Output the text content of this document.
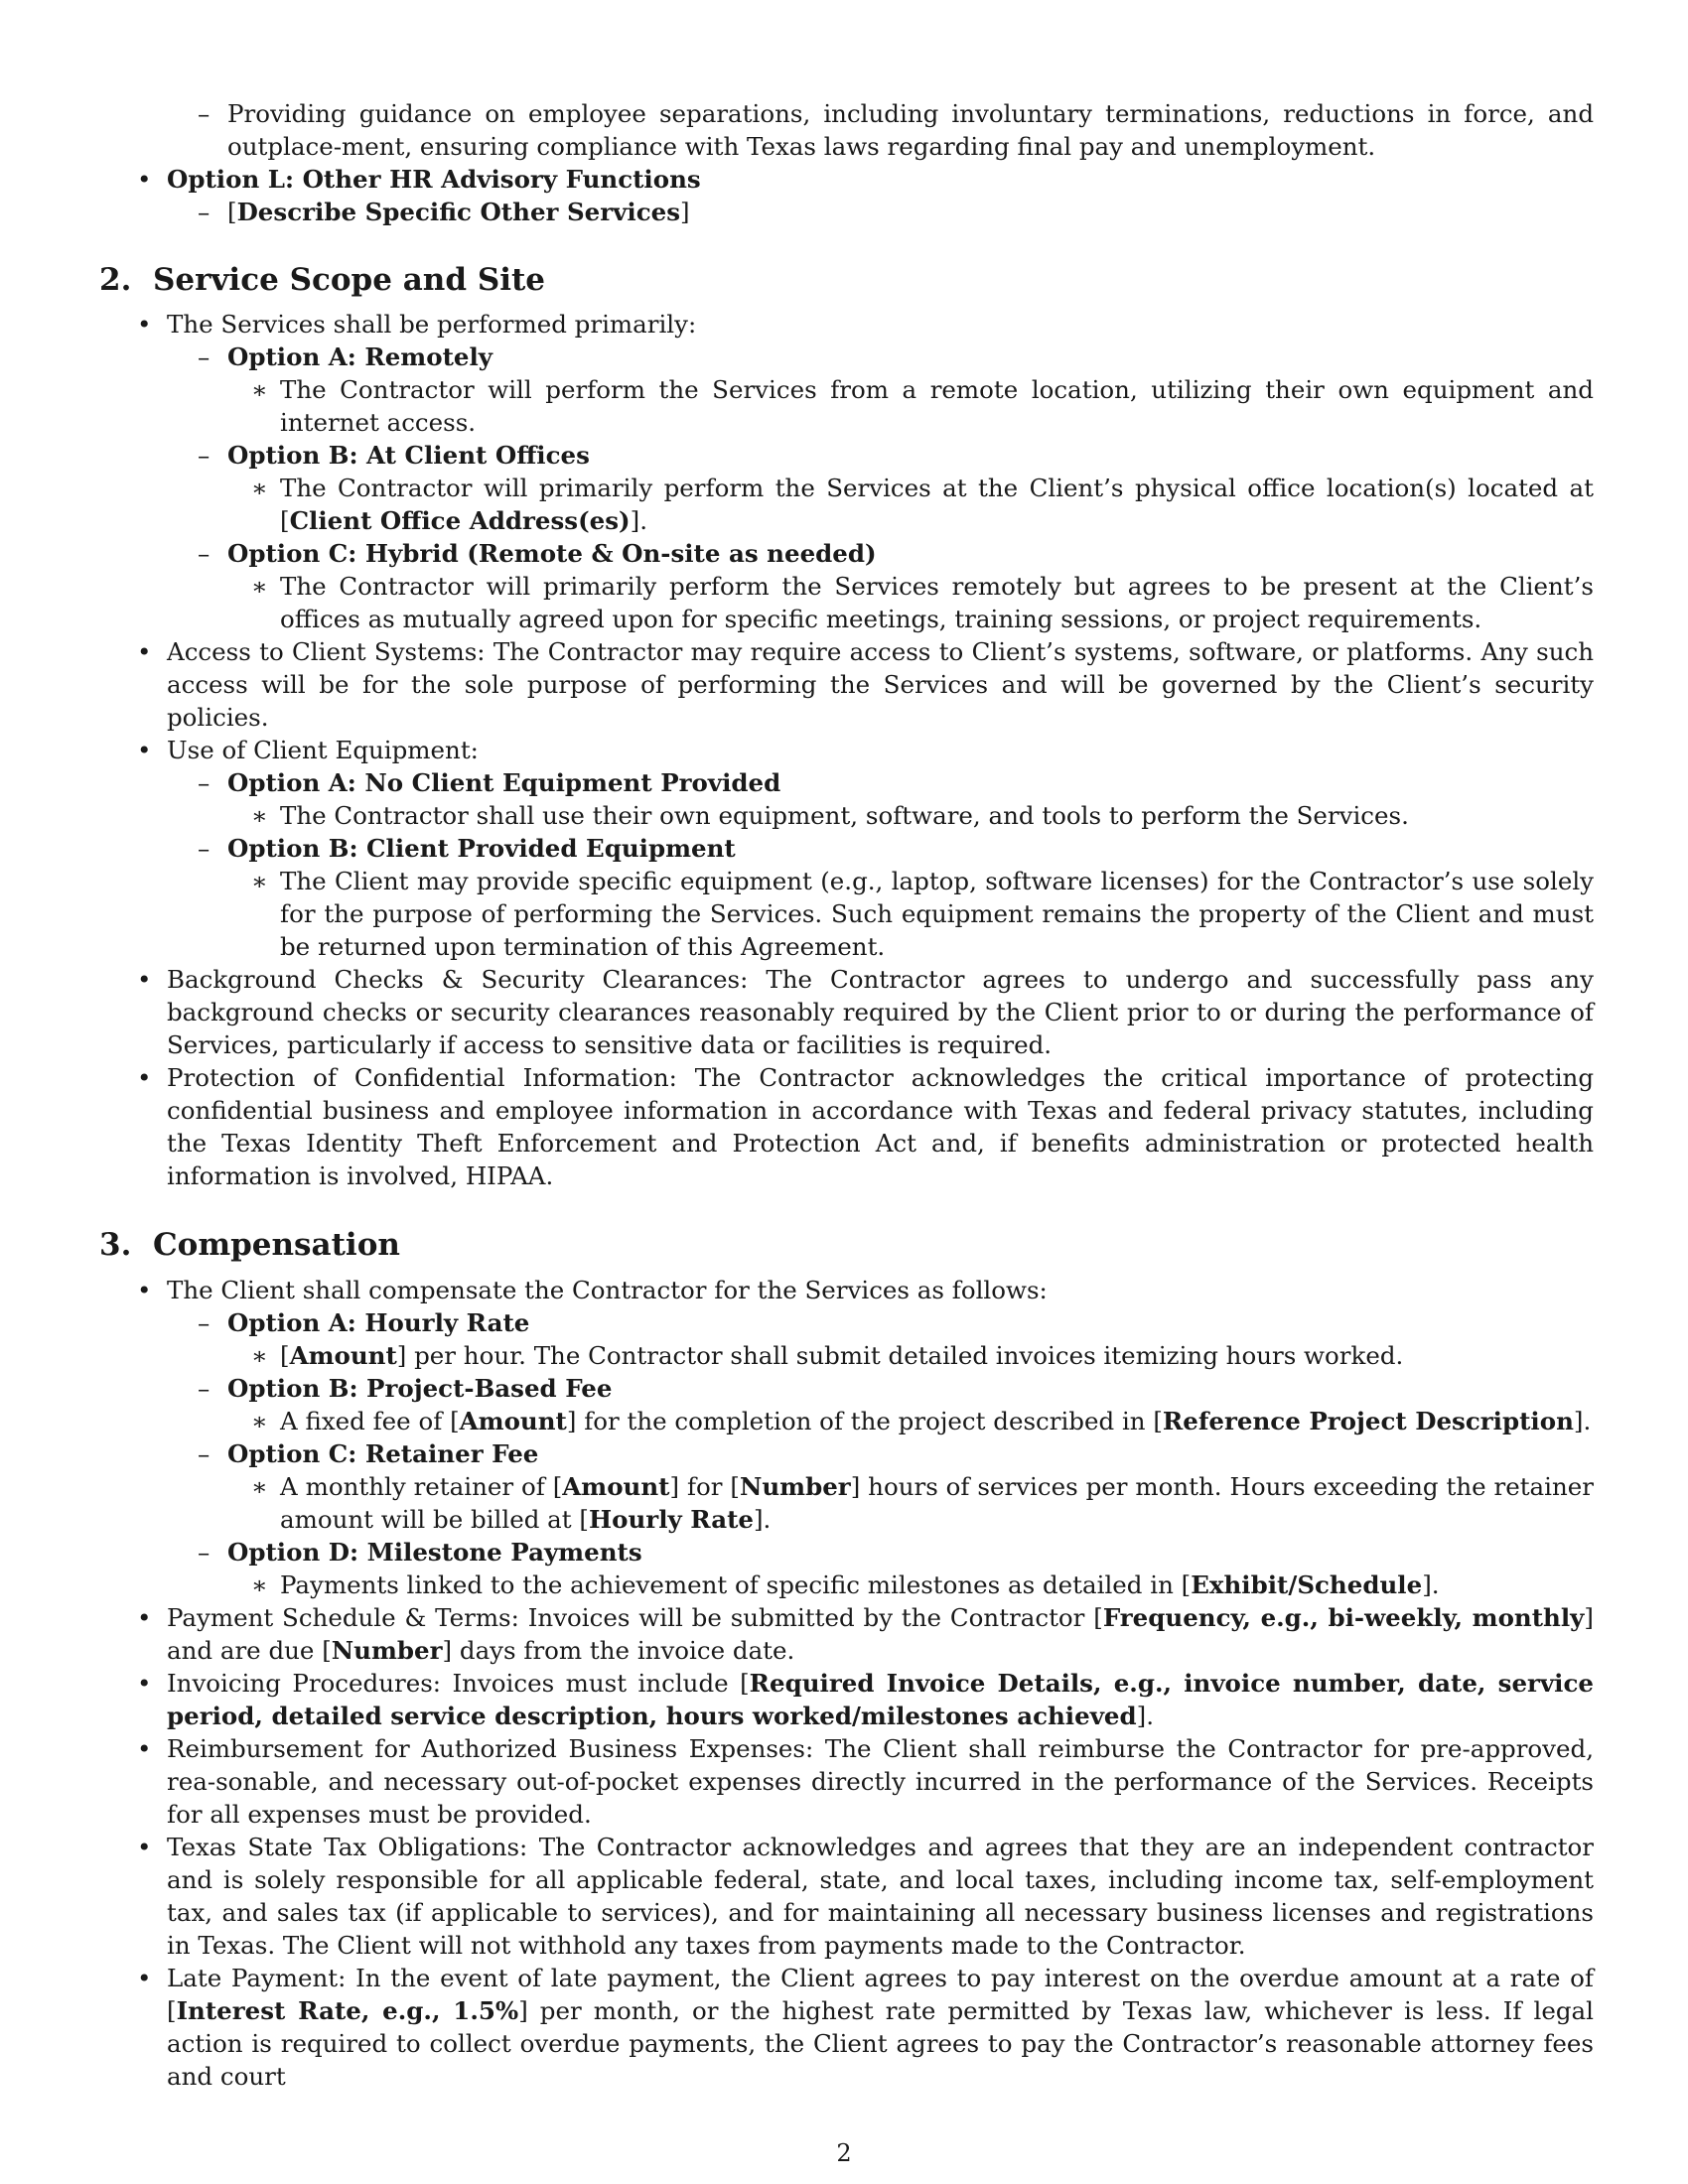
– Providing guidance on employee separations, including involuntary terminations, reductions in force, and outplace-ment, ensuring compliance with Texas laws regarding final pay and unemployment.
• Option L: Other HR Advisory Functions
– [Describe Specific Other Services]
2. Service Scope and Site
• The Services shall be performed primarily:
– Option A: Remotely
∗ The Contractor will perform the Services from a remote location, utilizing their own equipment and internet access.
– Option B: At Client Offices
∗ The Contractor will primarily perform the Services at the Client’s physical office location(s) located at [Client Office Address(es)].
– Option C: Hybrid (Remote & On-site as needed)
∗ The Contractor will primarily perform the Services remotely but agrees to be present at the Client’s offices as mutually agreed upon for specific meetings, training sessions, or project requirements.
• Access to Client Systems: The Contractor may require access to Client’s systems, software, or platforms. Any such access will be for the sole purpose of performing the Services and will be governed by the Client’s security policies.
• Use of Client Equipment:
– Option A: No Client Equipment Provided
∗ The Contractor shall use their own equipment, software, and tools to perform the Services.
– Option B: Client Provided Equipment
∗ The Client may provide specific equipment (e.g., laptop, software licenses) for the Contractor’s use solely for the purpose of performing the Services. Such equipment remains the property of the Client and must be returned upon termination of this Agreement.
• Background Checks & Security Clearances: The Contractor agrees to undergo and successfully pass any background checks or security clearances reasonably required by the Client prior to or during the performance of Services, particularly if access to sensitive data or facilities is required.
• Protection of Confidential Information: The Contractor acknowledges the critical importance of protecting confidential business and employee information in accordance with Texas and federal privacy statutes, including the Texas Identity Theft Enforcement and Protection Act and, if benefits administration or protected health information is involved, HIPAA.
3. Compensation
• The Client shall compensate the Contractor for the Services as follows:
– Option A: Hourly Rate
∗ [Amount] per hour. The Contractor shall submit detailed invoices itemizing hours worked.
– Option B: Project-Based Fee
∗ A fixed fee of [Amount] for the completion of the project described in [Reference Project Description].
– Option C: Retainer Fee
∗ A monthly retainer of [Amount] for [Number] hours of services per month. Hours exceeding the retainer amount will be billed at [Hourly Rate].
– Option D: Milestone Payments
∗ Payments linked to the achievement of specific milestones as detailed in [Exhibit/Schedule].
• Payment Schedule & Terms: Invoices will be submitted by the Contractor [Frequency, e.g., bi-weekly, monthly] and are due [Number] days from the invoice date.
• Invoicing Procedures: Invoices must include [Required Invoice Details, e.g., invoice number, date, service period, detailed service description, hours worked/milestones achieved].
• Reimbursement for Authorized Business Expenses: The Client shall reimburse the Contractor for pre-approved, rea-sonable, and necessary out-of-pocket expenses directly incurred in the performance of the Services. Receipts for all expenses must be provided.
• Texas State Tax Obligations: The Contractor acknowledges and agrees that they are an independent contractor and is solely responsible for all applicable federal, state, and local taxes, including income tax, self-employment tax, and sales tax (if applicable to services), and for maintaining all necessary business licenses and registrations in Texas. The Client will not withhold any taxes from payments made to the Contractor.
• Late Payment: In the event of late payment, the Client agrees to pay interest on the overdue amount at a rate of [Interest Rate, e.g., 1.5%] per month, or the highest rate permitted by Texas law, whichever is less. If legal action is required to collect overdue payments, the Client agrees to pay the Contractor’s reasonable attorney fees and court
2
